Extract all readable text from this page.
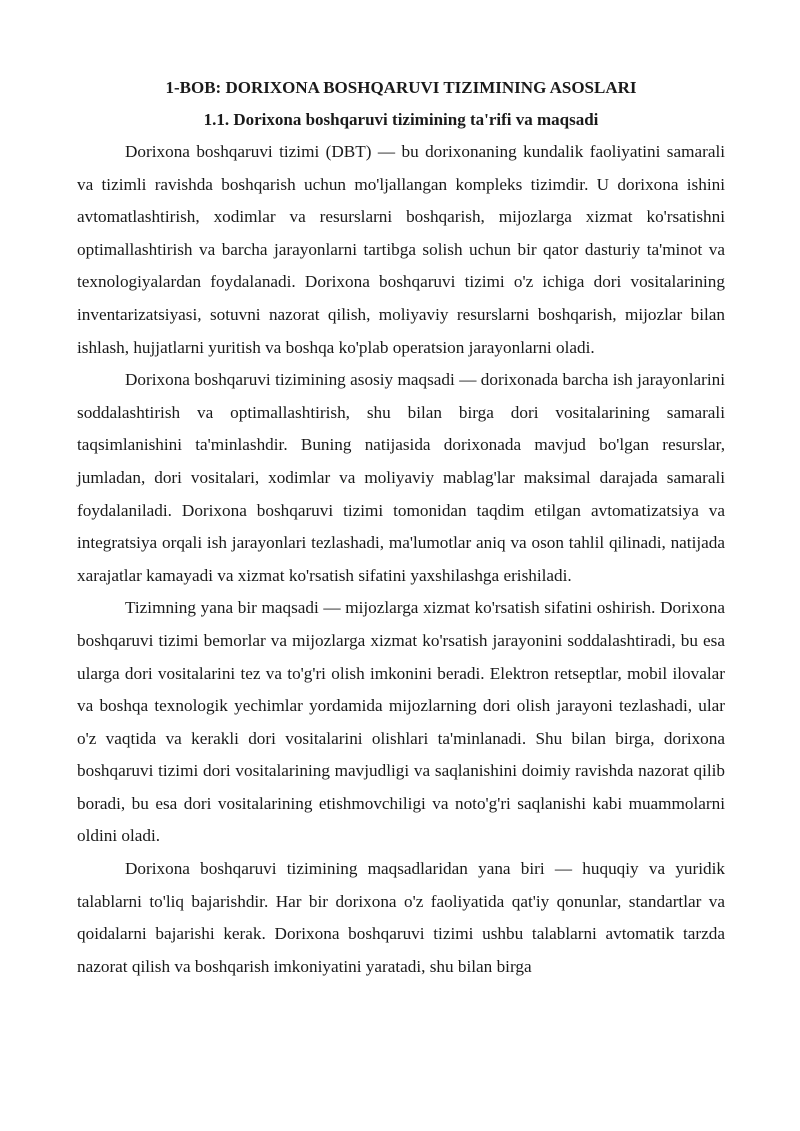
1-BOB: DORIXONA BOSHQARUVI TIZIMINING ASOSLARI
1.1. Dorixona boshqaruvi tizimining ta'rifi va maqsadi

Dorixona boshqaruvi tizimi (DBT) — bu dorixonaning kundalik faoliyatini samarali va tizimli ravishda boshqarish uchun mo'ljallangan kompleks tizimdir. U dorixona ishini avtomatlashtirish, xodimlar va resurslarni boshqarish, mijozlarga xizmat ko'rsatishni optimallashtirish va barcha jarayonlarni tartibga solish uchun bir qator dasturiy ta'minot va texnologiyalardan foydalanadi. Dorixona boshqaruvi tizimi o'z ichiga dori vositalarining inventarizatsiyasi, sotuvni nazorat qilish, moliyaviy resurslarni boshqarish, mijozlar bilan ishlash, hujjatlarni yuritish va boshqa ko'plab operatsion jarayonlarni oladi.

Dorixona boshqaruvi tizimining asosiy maqsadi — dorixonada barcha ish jarayonlarini soddalashtirish va optimallashtirish, shu bilan birga dori vositalarining samarali taqsimlanishini ta'minlashdir. Buning natijasida dorixonada mavjud bo'lgan resurslar, jumladan, dori vositalari, xodimlar va moliyaviy mablag'lar maksimal darajada samarali foydalaniladi. Dorixona boshqaruvi tizimi tomonidan taqdim etilgan avtomatizatsiya va integratsiya orqali ish jarayonlari tezlashadi, ma'lumotlar aniq va oson tahlil qilinadi, natijada xarajatlar kamayadi va xizmat ko'rsatish sifatini yaxshilashga erishiladi.

Tizimning yana bir maqsadi — mijozlarga xizmat ko'rsatish sifatini oshirish. Dorixona boshqaruvi tizimi bemorlar va mijozlarga xizmat ko'rsatish jarayonini soddalashtiradi, bu esa ularga dori vositalarini tez va to'g'ri olish imkonini beradi. Elektron retseptlar, mobil ilovalar va boshqa texnologik yechimlar yordamida mijozlarning dori olish jarayoni tezlashadi, ular o'z vaqtida va kerakli dori vositalarini olishlari ta'minlanadi. Shu bilan birga, dorixona boshqaruvi tizimi dori vositalarining mavjudligi va saqlanishini doimiy ravishda nazorat qilib boradi, bu esa dori vositalarining etishmovchiligi va noto'g'ri saqlanishi kabi muammolarni oldini oladi.

Dorixona boshqaruvi tizimining maqsadlaridan yana biri — huquqiy va yuridik talablarni to'liq bajarishdir. Har bir dorixona o'z faoliyatida qat'iy qonunlar, standartlar va qoidalarni bajarishi kerak. Dorixona boshqaruvi tizimi ushbu talablarni avtomatik tarzda nazorat qilish va boshqarish imkoniyatini yaratadi, shu bilan birga
